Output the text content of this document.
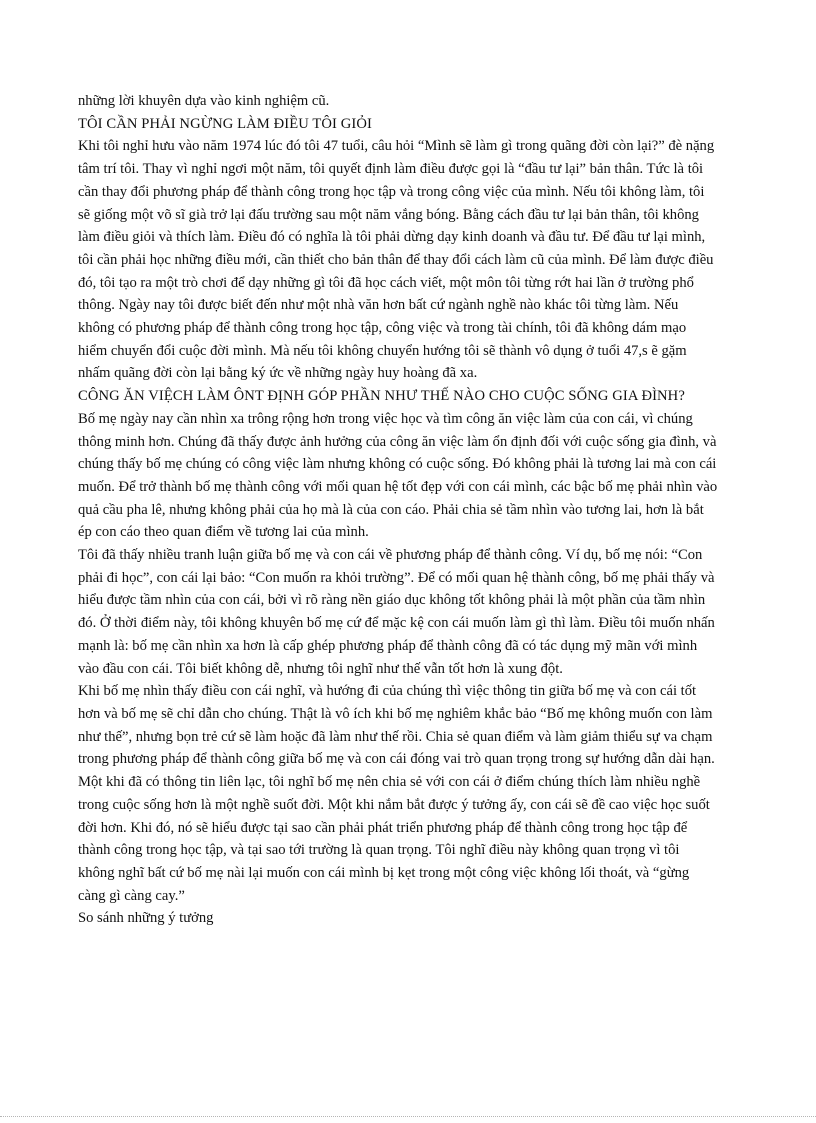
những lời khuyên dựa vào kinh nghiệm cũ.

TÔI CẦN PHẢI NGỪNG LÀM ĐIỀU TÔI GIỎI

Khi tôi nghỉ hưu vào năm 1974 lúc đó tôi 47 tuổi, câu hỏi “Mình sẽ làm gì trong quãng đời còn lại?” đè nặng

tâm trí tôi. Thay vì nghỉ ngơi một năm, tôi quyết định làm điều được gọi là “đầu tư lại” bản thân. Tức là tôi

cần thay đổi phương pháp để thành công trong học tập và trong công việc của mình. Nếu tôi không làm, tôi

sẽ giống một võ sĩ già trở lại đấu trường sau một năm vắng bóng. Bằng cách đầu tư lại bản thân, tôi không

làm điều giỏi và thích làm. Điều đó có nghĩa là tôi phải dừng dạy kinh doanh và đầu tư. Để đầu tư lại mình,

tôi cần phải học những điều mới, cần thiết cho bản thân để thay đổi cách làm cũ của mình. Để làm được điều

đó, tôi tạo ra một trò chơi để dạy những gì tôi đã học cách viết, một môn tôi từng rớt hai lần ở trường phổ

thông. Ngày nay tôi được biết đến như một nhà văn hơn bất cứ ngành nghề nào khác tôi từng làm. Nếu

không có phương pháp để thành công trong học tập, công việc và trong tài chính, tôi đã không dám mạo

hiểm chuyển đổi cuộc đời mình. Mà nếu tôi không chuyển hướng tôi sẽ thành vô dụng ở tuổi 47,s ẽ gặm

nhấm quãng đời còn lại bằng ký ức về những ngày huy hoàng đã xa.

CÔNG ĂN VIỆCH LÀM ÔNT ĐỊNH GÓP PHẦN NHƯ THẾ NÀO CHO CUỘC SỐNG GIA ĐÌNH?

Bố mẹ ngày nay cần nhìn xa trông rộng hơn trong việc học và tìm công ăn việc làm của con cái, vì chúng

thông minh hơn. Chúng đã thấy được ảnh hưởng của công ăn việc làm ổn định đối với cuộc sống gia đình, và

chúng thấy bố mẹ chúng có công việc làm nhưng không có cuộc sống. Đó không phải là tương lai mà con cái

muốn. Để trở thành bố mẹ thành công với mối quan hệ tốt đẹp với con cái mình, các bậc bố mẹ phải nhìn vào

quả cầu pha lê, nhưng không phải của họ mà là của con cáo. Phải chia sẻ tầm nhìn vào tương lai, hơn là bắt

ép con cáo theo quan điểm về tương lai của mình.

Tôi đã thấy nhiều tranh luận giữa bố mẹ và con cái về phương pháp để thành công. Ví dụ, bố mẹ nói: “Con

phải đi học”, con cái lại bảo: “Con muốn ra khỏi trường”. Để có mối quan hệ thành công, bố mẹ phải thấy và

hiểu được tầm nhìn của con cái, bởi vì rõ ràng nền giáo dục không tốt không phải là một phần của tầm nhìn

đó. Ở thời điểm này, tôi không khuyên bố mẹ cứ để mặc kệ con cái muốn làm gì thì làm. Điều tôi muốn nhấn

mạnh là: bố mẹ cần nhìn xa hơn là cấp ghép phương pháp để thành công đã có tác dụng mỹ mãn với mình

vào đầu con cái. Tôi biết không dễ, nhưng tôi nghĩ như thế vẫn tốt hơn là xung đột.

Khi bố mẹ nhìn thấy điều con cái nghĩ, và hướng đi của chúng thì việc thông tin giữa bố mẹ và con cái tốt

hơn và bố mẹ sẽ chỉ dẫn cho chúng. Thật là vô ích khi bố mẹ nghiêm khắc bảo “Bố mẹ không muốn con làm

như thế”, nhưng bọn trẻ cứ sẽ làm hoặc đã làm như thế rồi. Chia sẻ quan điểm và làm giảm thiểu sự va chạm

trong phương pháp để thành công giữa bố mẹ và con cái đóng vai trò quan trọng trong sự hướng dẫn dài hạn.

Một khi đã có thông tin liên lạc, tôi nghĩ bố mẹ nên chia sẻ với con cái ở điểm chúng thích làm nhiều nghề

trong cuộc sống hơn là một nghề suốt đời. Một khi nắm bắt được ý tưởng ấy, con cái sẽ đề cao việc học suốt

đời hơn. Khi đó, nó sẽ hiểu được tại sao cần phải phát triển phương pháp để thành công trong học tập để

thành công trong học tập, và tại sao tới trường là quan trọng. Tôi nghĩ điều này không quan trọng vì tôi

không nghĩ bất cứ bố mẹ nài lại muốn con cái mình bị kẹt trong một công việc không lối thoát, và “gừng

càng gì càng cay.”

So sánh những ý tưởng
